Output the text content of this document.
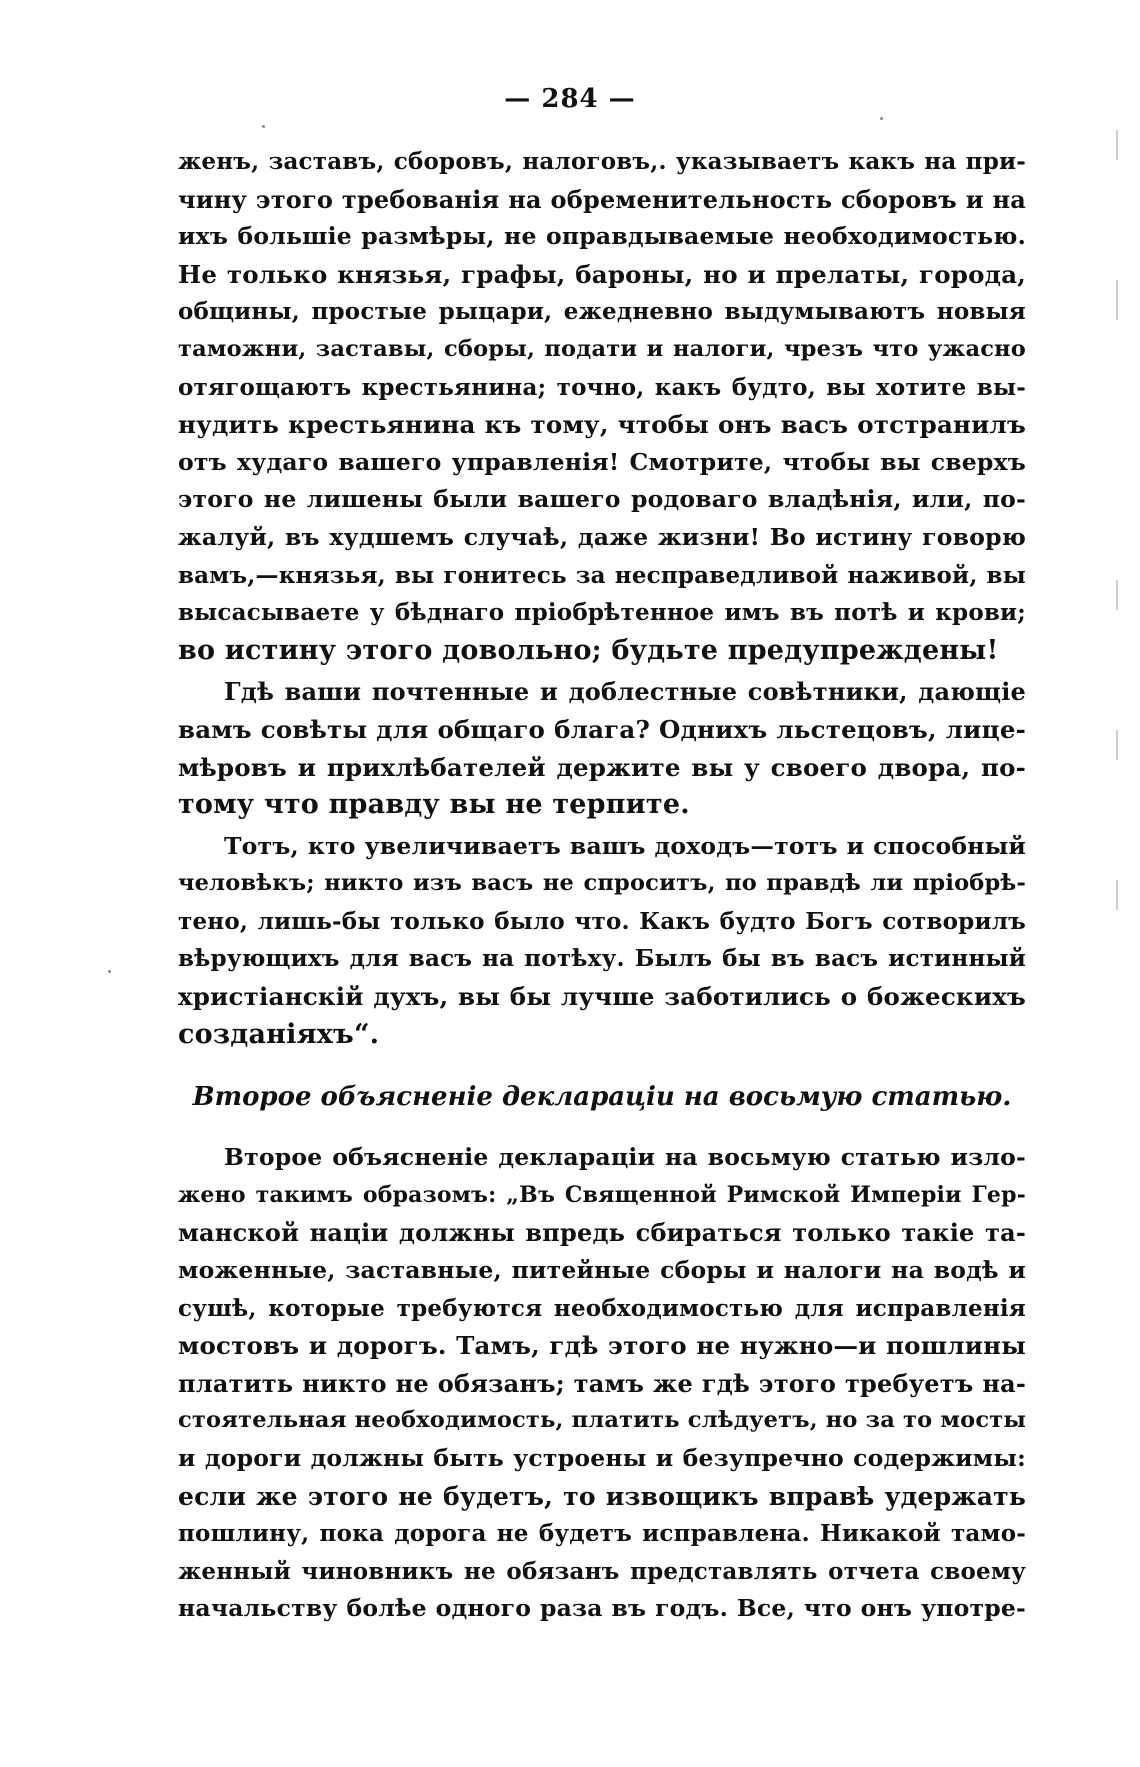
— 284 —
женъ, заставъ, сборовъ, налоговъ,. указываетъ какъ на при-
чину этого требованія на обременительность сборовъ и на
ихъ большіе размѣры, не оправдываемые необходимостью.
Не только князья, графы, бароны, но и прелаты, города,
общины, простые рыцари, ежедневно выдумываютъ новыя
таможни, заставы, сборы, подати и налоги, чрезъ что ужасно
отягощаютъ крестьянина; точно, какъ будто, вы хотите вы-
нудить крестьянина къ тому, чтобы онъ васъ отстранилъ
отъ худаго вашего управленія! Смотрите, чтобы вы сверхъ
этого не лишены были вашего родоваго владѣнія, или, по-
жалуй, въ худшемъ случаѣ, даже жизни! Во истину говорю
вамъ,—князья, вы гонитесь за несправедливой наживой, вы
высасываете у бѣднаго пріобрѣтенное имъ въ потѣ и крови;
во истину этого довольно; будьте предупреждены!
Гдѣ ваши почтенные и доблестные совѣтники, дающіе
вамъ совѣты для общаго блага? Однихъ льстецовъ, лице-
мѣровъ и прихлѣбателей держите вы у своего двора, по-
тому что правду вы не терпите.
Тотъ, кто увеличиваетъ вашъ доходъ—тотъ и способный
человѣкъ; никто изъ васъ не спроситъ, по правдѣ ли пріобрѣ-
тено, лишь-бы только было что. Какъ будто Богъ сотворилъ
вѣрующихъ для васъ на потѣху. Былъ бы въ васъ истинный
христіанскій духъ, вы бы лучше заботились о божескихъ
созданіяхъ“.
Второе объясненіе деклараціи на восьмую статью.
Второе объясненіе деклараціи на восьмую статью изло-
жено такимъ образомъ: „Въ Священной Римской Имперіи Гер-
манской націи должны впредь сбираться только такіе та-
моженные, заставные, питейные сборы и налоги на водѣ и
сушѣ, которые требуются необходимостью для исправленія
мостовъ и дорогъ. Тамъ, гдѣ этого не нужно—и пошлины
платить никто не обязанъ; тамъ же гдѣ этого требуетъ на-
стоятельная необходимость, платить слѣдуетъ, но за то мосты
и дороги должны быть устроены и безупречно содержимы:
если же этого не будетъ, то извощикъ вправѣ удержать
пошлину, пока дорога не будетъ исправлена. Никакой тамо-
женный чиновникъ не обязанъ представлять отчета своему
начальству болѣе одного раза въ годъ. Все, что онъ употре-
